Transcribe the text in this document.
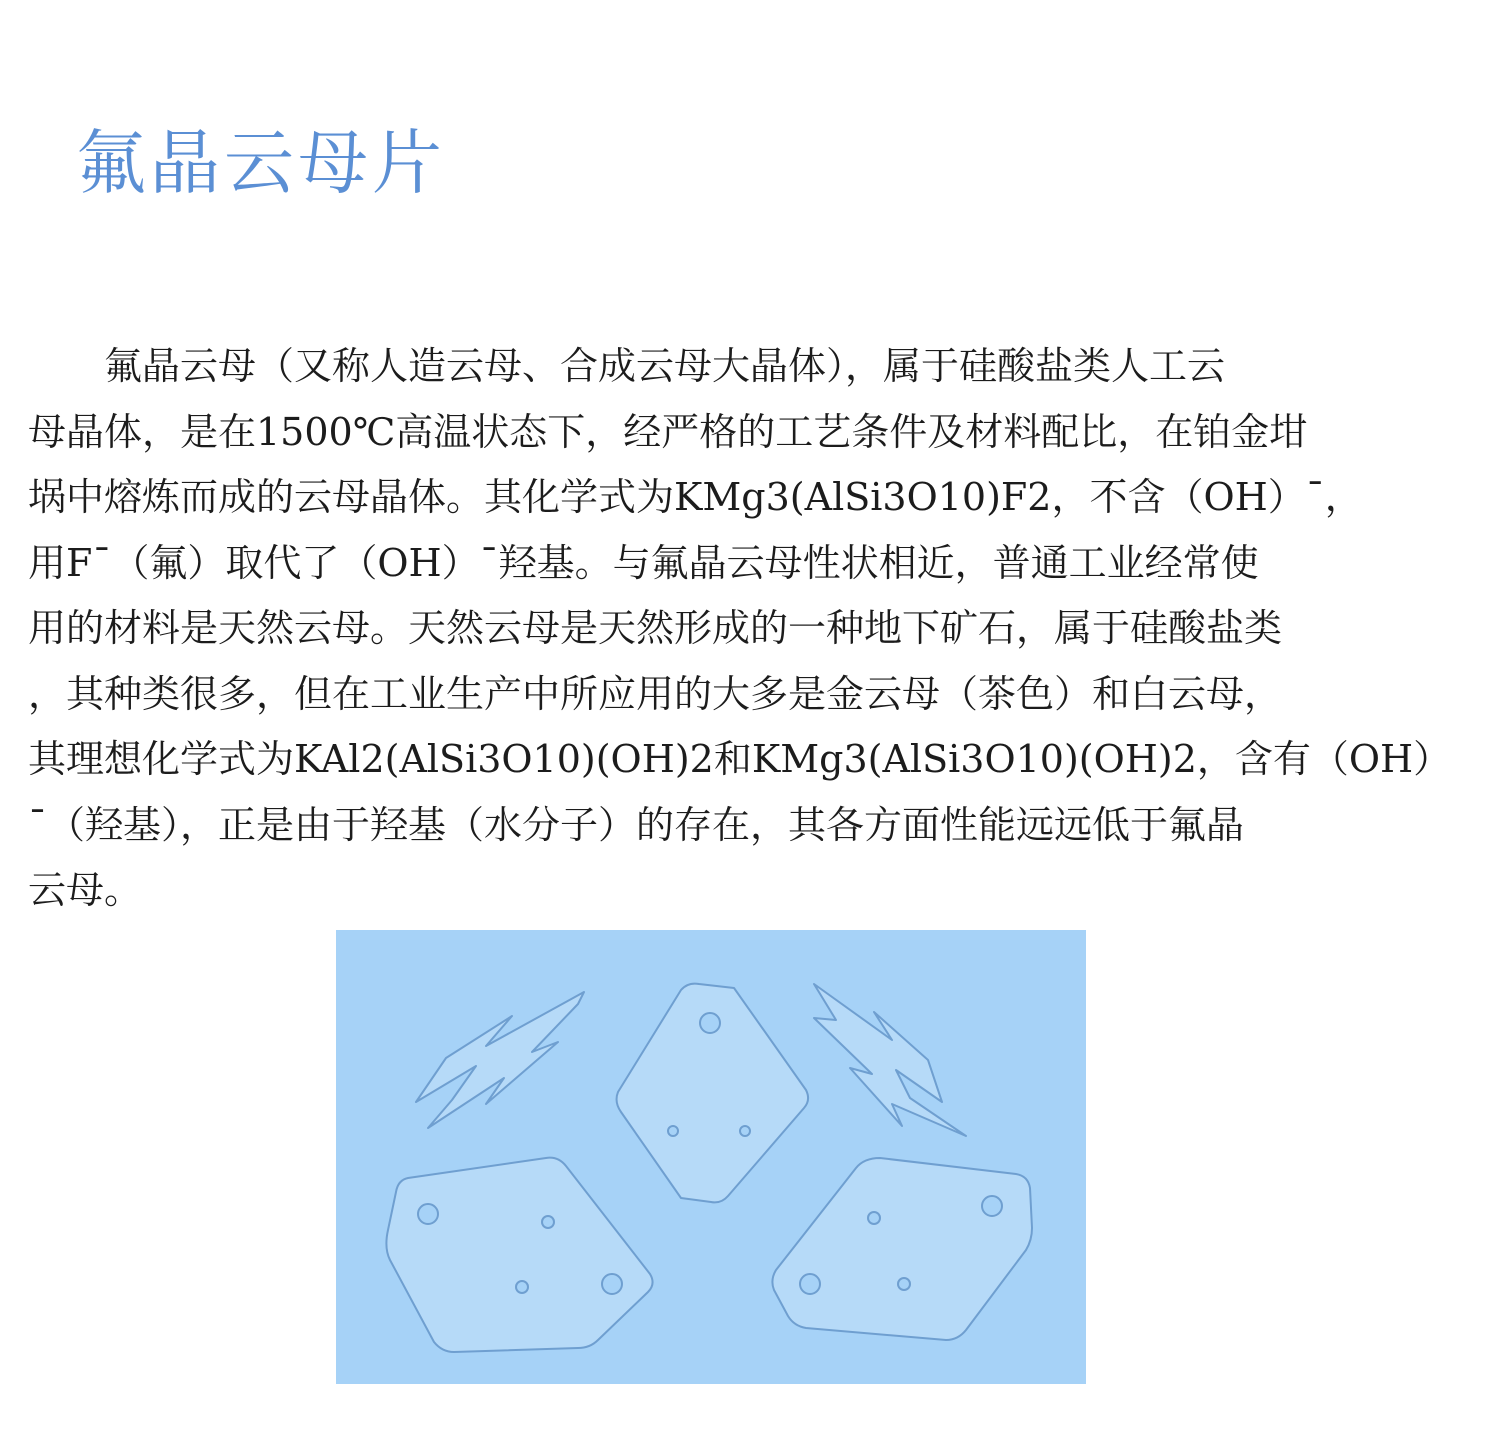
氟晶云母片
　　氟晶云母（又称人造云母、合成云母大晶体），属于硅酸盐类人工云
母晶体，是在1500℃高温状态下，经严格的工艺条件及材料配比，在铂金坩
埚中熔炼而成的云母晶体。其化学式为KMg3(AlSi3O10)F2，不含（OH）ˉ，
用Fˉ（氟）取代了（OH）ˉ羟基。与氟晶云母性状相近，普通工业经常使
用的材料是天然云母。天然云母是天然形成的一种地下矿石，属于硅酸盐类
，其种类很多，但在工业生产中所应用的大多是金云母（茶色）和白云母，
其理想化学式为KAl2(AlSi3O10)(OH)2和KMg3(AlSi3O10)(OH)2，含有（OH）
ˉ（羟基），正是由于羟基（水分子）的存在，其各方面性能远远低于氟晶
云母。
